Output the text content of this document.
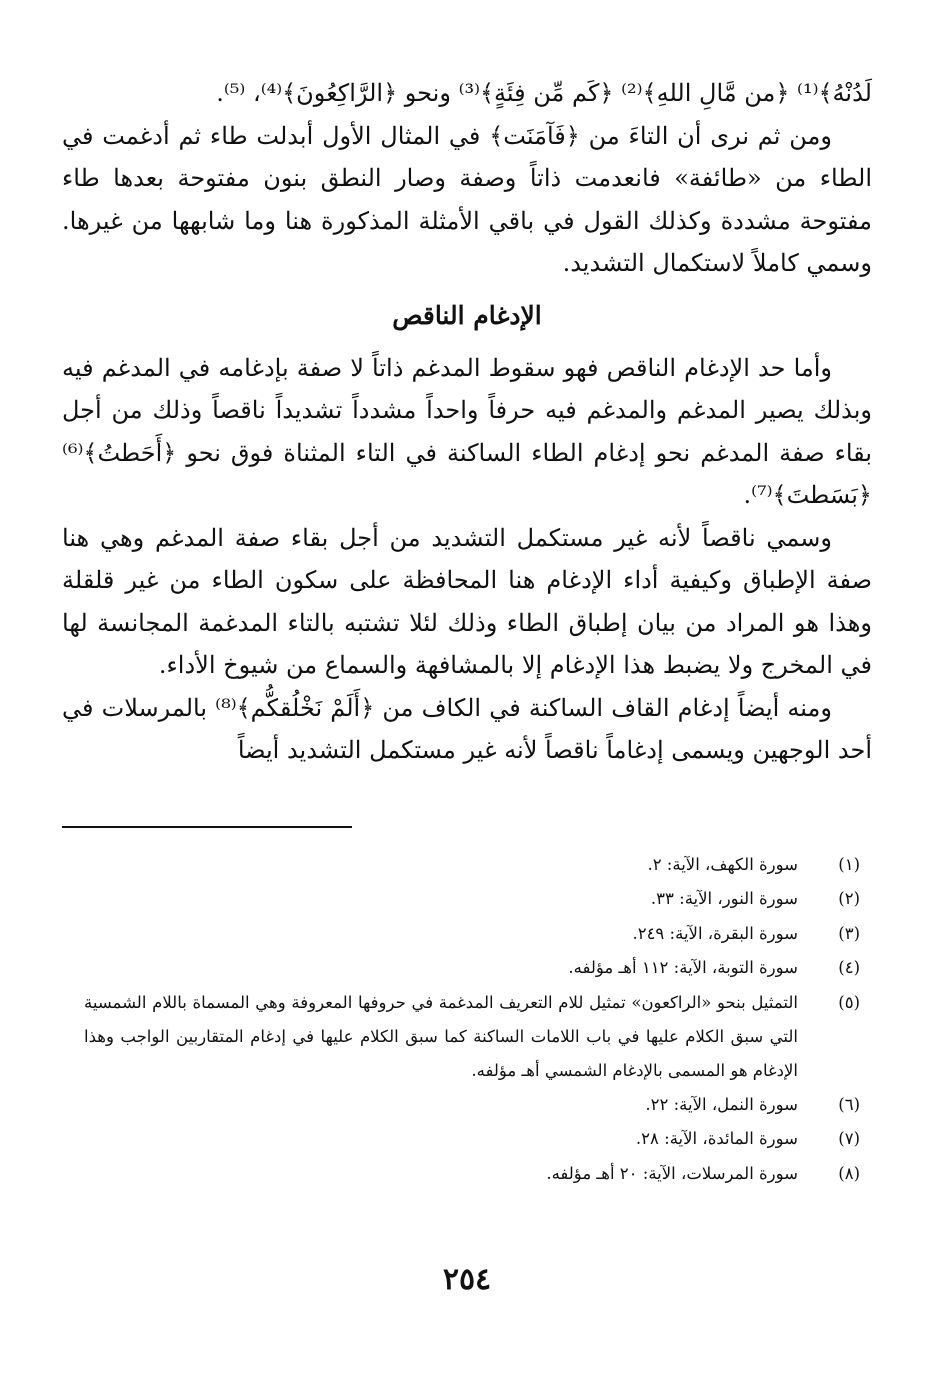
لَدُنْهُ﴾⁽¹⁾ ﴿من مَّالِ اللهِ﴾⁽²⁾ ﴿كَم مِّن فِئَةٍ﴾⁽³⁾ ونحو ﴿الرَّاكِعُونَ﴾⁽⁴⁾، ⁽⁵⁾.

ومن ثم نرى أن التاءَ من ﴿فَآمَنَت﴾ في المثال الأول أبدلت طاء ثم أدغمت في الطاء من «طائفة» فانعدمت ذاتاً وصفة وصار النطق بنون مفتوحة بعدها طاء مفتوحة مشددة وكذلك القول في باقي الأمثلة المذكورة هنا وما شابهها من غيرها. وسمي كاملاً لاستكمال التشديد.

الإدغام الناقص

وأما حد الإدغام الناقص فهو سقوط المدغم ذاتاً لا صفة بإدغامه في المدغم فيه وبذلك يصير المدغم والمدغم فيه حرفاً واحداً مشدداً تشديداً ناقصاً وذلك من أجل بقاء صفة المدغم نحو إدغام الطاء الساكنة في التاء المثناة فوق نحو ﴿أَحَطتُ﴾⁽⁶⁾ ﴿بَسَطتَ﴾⁽⁷⁾.

وسمي ناقصاً لأنه غير مستكمل التشديد من أجل بقاء صفة المدغم وهي هنا صفة الإطباق وكيفية أداء الإدغام هنا المحافظة على سكون الطاء من غير قلقلة وهذا هو المراد من بيان إطباق الطاء وذلك لئلا تشتبه بالتاء المدغمة المجانسة لها في المخرج ولا يضبط هذا الإدغام إلا بالمشافهة والسماع من شيوخ الأداء.

ومنه أيضاً إدغام القاف الساكنة في الكاف من ﴿أَلَمْ نَخْلُقكُّم﴾⁽⁸⁾ بالمرسلات في أحد الوجهين ويسمى إدغاماً ناقصاً لأنه غير مستكمل التشديد أيضاً

(١)
سورة الكهف، الآية: ٢.
(٢)
سورة النور، الآية: ٣٣.
(٣)
سورة البقرة، الآية: ٢٤٩.
(٤)
سورة التوبة، الآية: ١١٢ أهـ مؤلفه.
(٥)
التمثيل بنحو «الراكعون» تمثيل للام التعريف المدغمة في حروفها المعروفة وهي المسماة باللام الشمسية التي سبق الكلام عليها في باب اللامات الساكنة كما سبق الكلام عليها في إدغام المتقاربين الواجب وهذا الإدغام هو المسمى بالإدغام الشمسي أهـ مؤلفه.
(٦)
سورة النمل، الآية: ٢٢.
(٧)
سورة المائدة، الآية: ٢٨.
(٨)
سورة المرسلات، الآية: ٢٠ أهـ مؤلفه.
٢٥٤
